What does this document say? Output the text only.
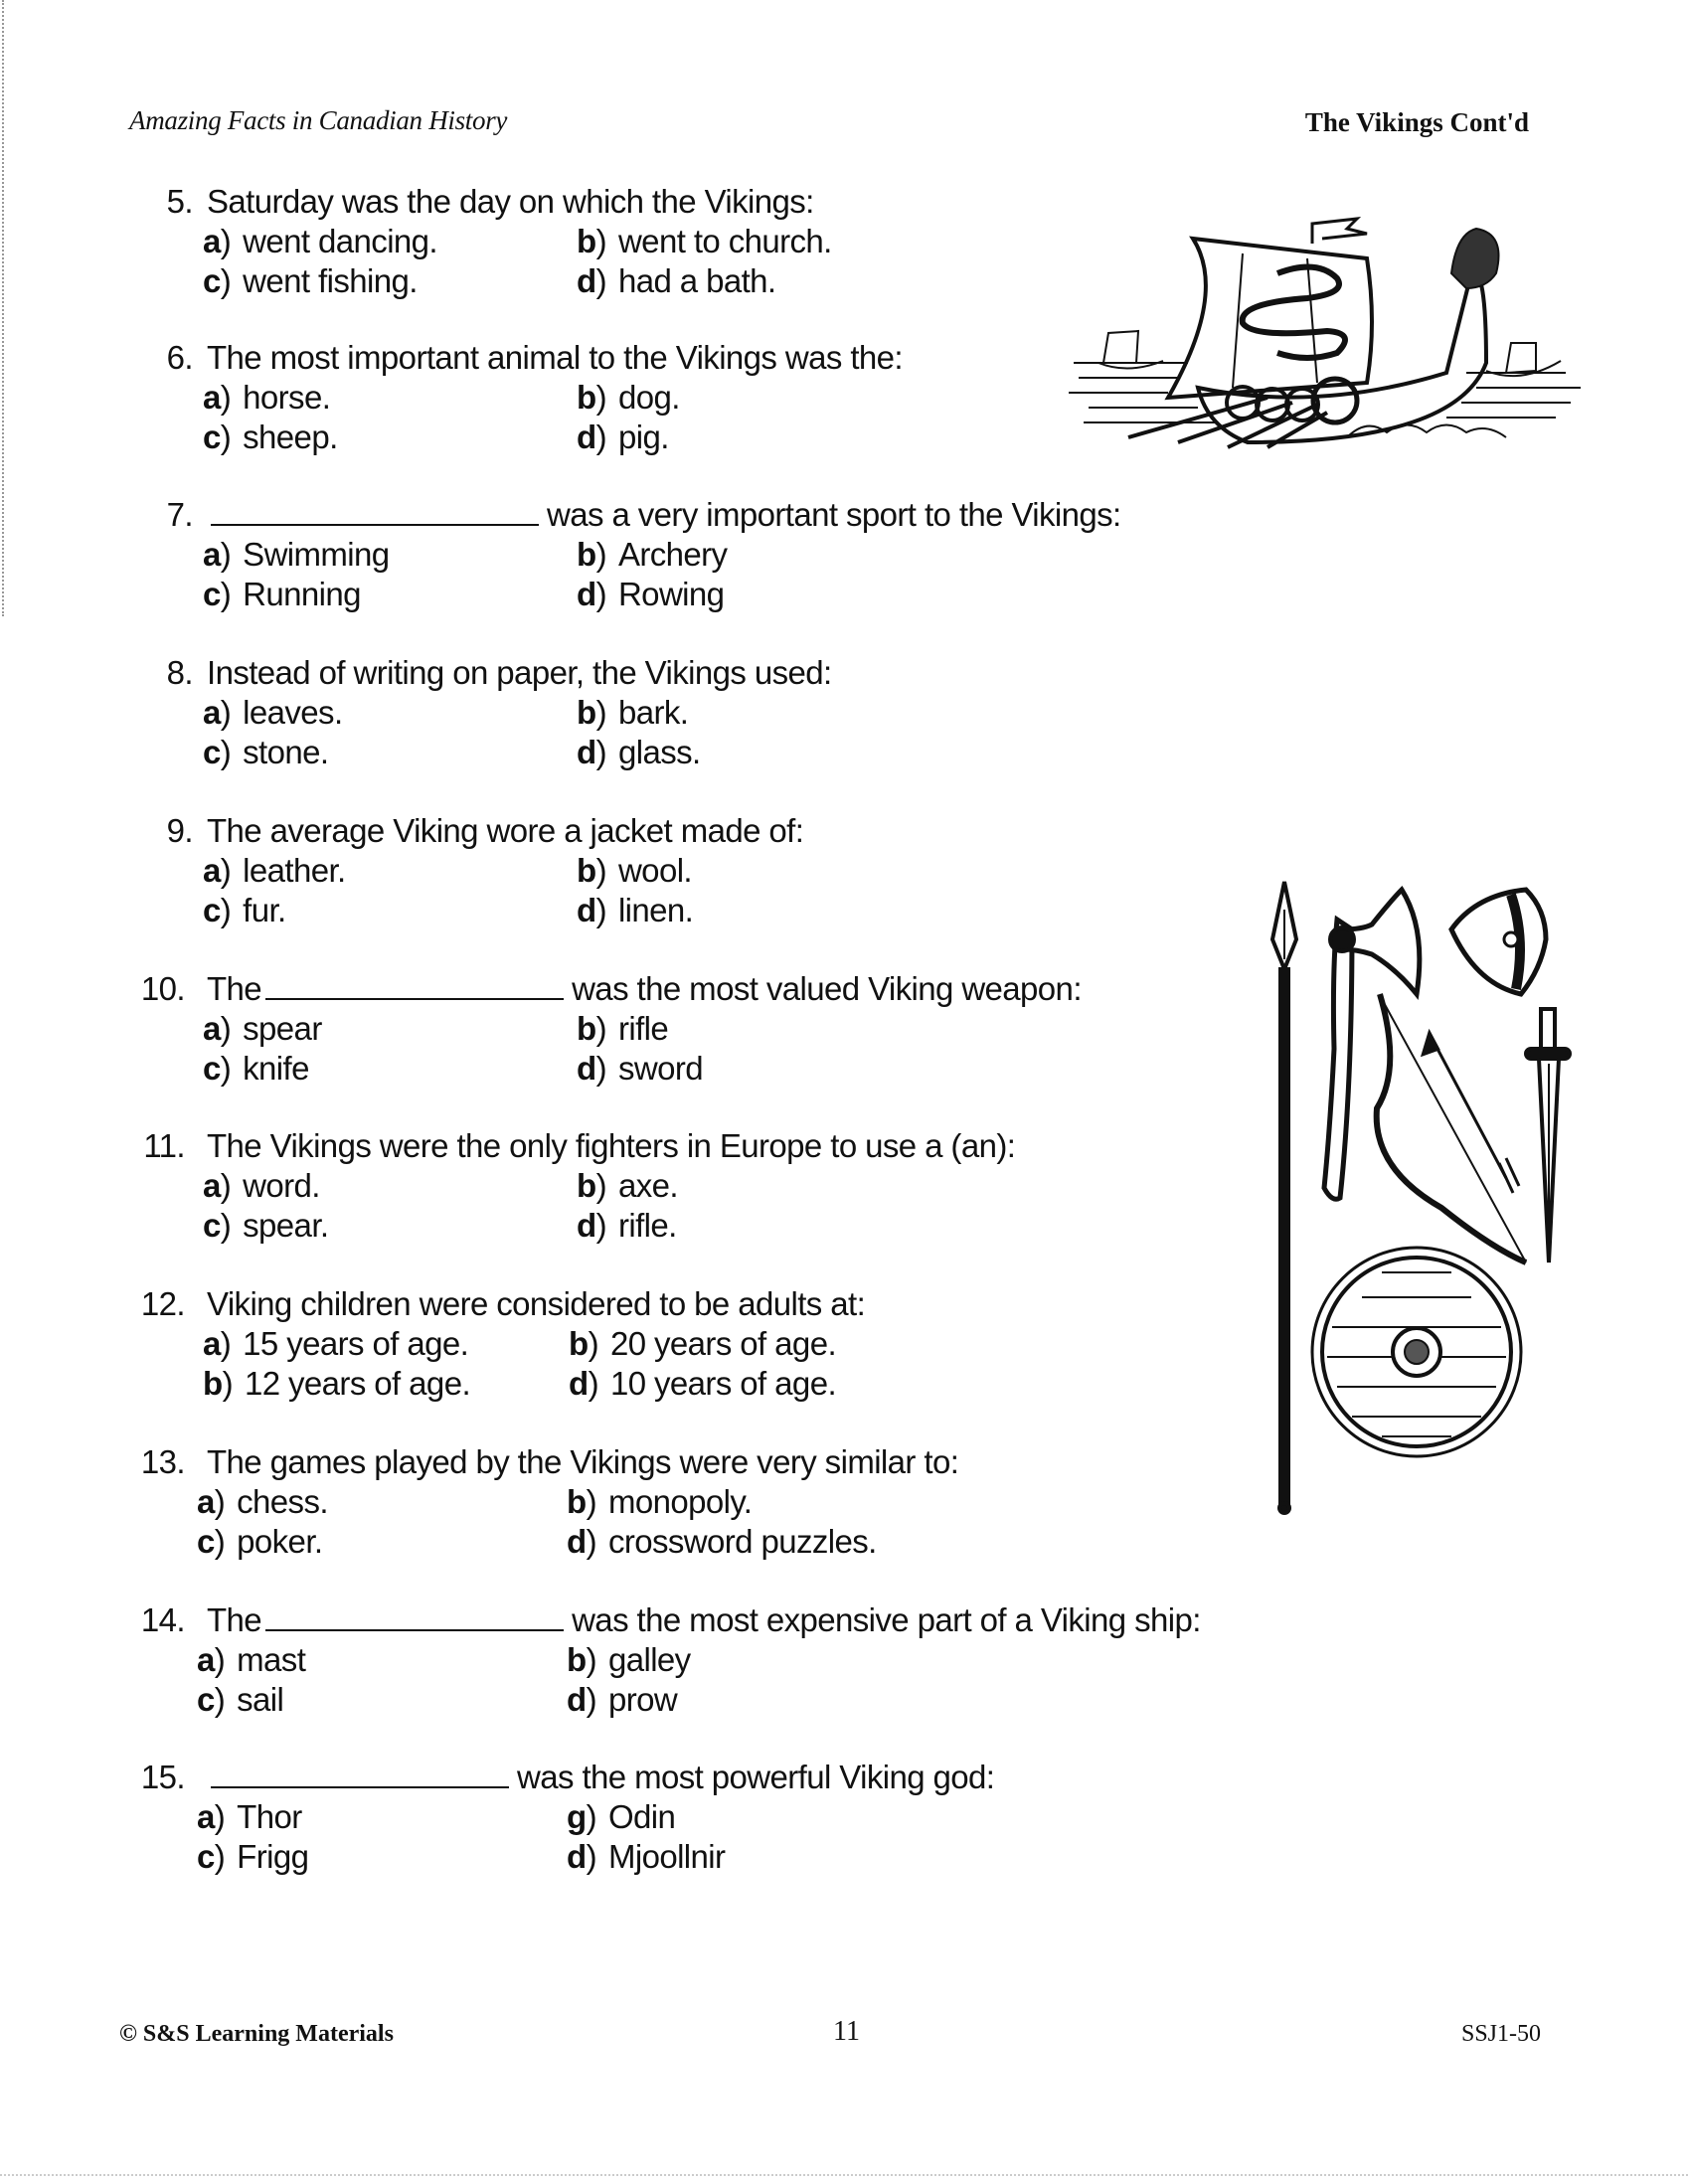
Amazing Facts in Canadian History	The Vikings Cont'd
5. Saturday was the day on which the Vikings:
a) went dancing.	b) went to church.
c) went fishing.	d) had a bath.
6. The most important animal to the Vikings was the:
a) horse.	b) dog.
c) sheep.	d) pig.
7.	was a very important sport to the Vikings:
a) Swimming	b) Archery
c) Running	d) Rowing
8. Instead of writing on paper, the Vikings used:
a) leaves.	b) bark.
c) stone.	d) glass.
9. The average Viking wore a jacket made of:
a) leather.	b) wool.
c) fur.	d) linen.
10. The	was the most valued Viking weapon:
a) spear	b) rifle
c) knife	d) sword
11. The Vikings were the only fighters in Europe to use a (an):
a) word.	b) axe.
c) spear.	d) rifle.
12. Viking children were considered to be adults at:
a) 15 years of age.	b) 20 years of age.
b) 12 years of age.	d) 10 years of age.
13. The games played by the Vikings were very similar to:
a) chess.	b) monopoly.
c) poker.	d) crossword puzzles.
14. The	was the most expensive part of a Viking ship:
a) mast	b) galley
c) sail	d) prow
15.	was the most powerful Viking god:
a) Thor	g) Odin
c) Frigg	d) Mjoollnir
© S&S Learning Materials	11	SSJ1-50
